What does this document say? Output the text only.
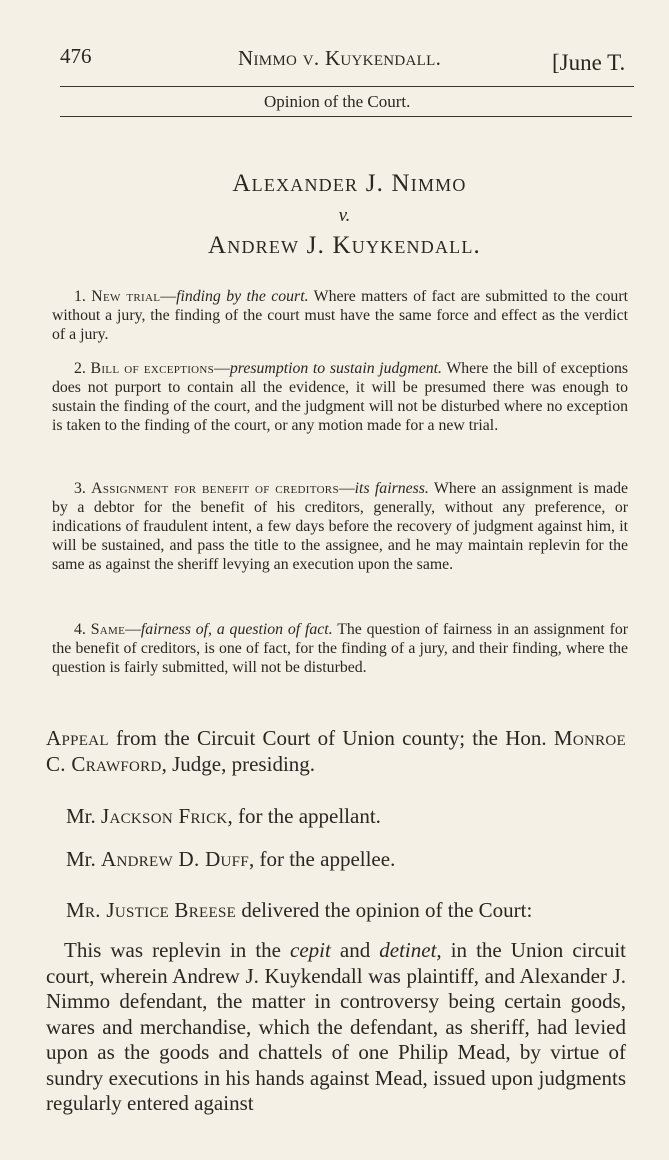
476	Nimmo v. Kuykendall.	[June T.
Opinion of the Court.
Alexander J. Nimmo
v.
Andrew J. Kuykendall.

1. New trial—finding by the court. Where matters of fact are submitted to the court without a jury, the finding of the court must have the same force and effect as the verdict of a jury.

2. Bill of exceptions—presumption to sustain judgment. Where the bill of exceptions does not purport to contain all the evidence, it will be presumed there was enough to sustain the finding of the court, and the judgment will not be disturbed where no exception is taken to the finding of the court, or any motion made for a new trial.

3. Assignment for benefit of creditors—its fairness. Where an assignment is made by a debtor for the benefit of his creditors, generally, without any preference, or indications of fraudulent intent, a few days before the recovery of judgment against him, it will be sustained, and pass the title to the assignee, and he may maintain replevin for the same as against the sheriff levying an execution upon the same.

4. Same—fairness of, a question of fact. The question of fairness in an assignment for the benefit of creditors, is one of fact, for the finding of a jury, and their finding, where the question is fairly submitted, will not be disturbed.

Appeal from the Circuit Court of Union county; the Hon. Monroe C. Crawford, Judge, presiding.

Mr. Jackson Frick, for the appellant.

Mr. Andrew D. Duff, for the appellee.

Mr. Justice Breese delivered the opinion of the Court:

This was replevin in the cepit and detinet, in the Union circuit court, wherein Andrew J. Kuykendall was plaintiff, and Alexander J. Nimmo defendant, the matter in controversy being certain goods, wares and merchandise, which the defendant, as sheriff, had levied upon as the goods and chattels of one Philip Mead, by virtue of sundry executions in his hands against Mead, issued upon judgments regularly entered against
